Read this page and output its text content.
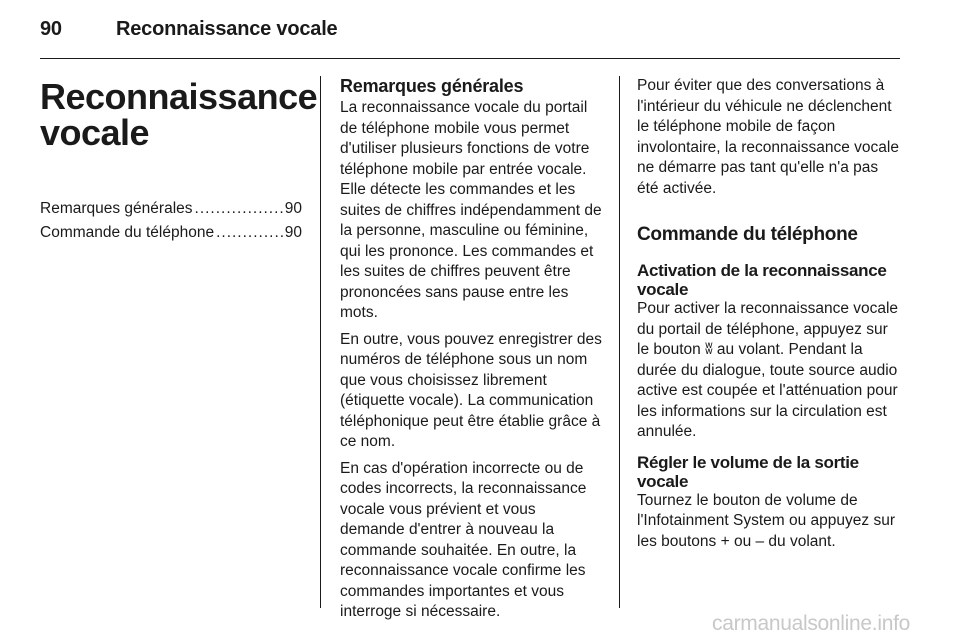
90	Reconnaissance vocale
Reconnaissance
vocale
Remarques générales .....	90
Commande du téléphone .....	90
Remarques générales

La reconnaissance vocale du portail de téléphone mobile vous permet d'utiliser plusieurs fonctions de votre téléphone mobile par entrée vocale. Elle détecte les commandes et les suites de chiffres indépendamment de la personne, masculine ou féminine, qui les prononce. Les commandes et les suites de chiffres peuvent être prononcées sans pause entre les mots.

En outre, vous pouvez enregistrer des numéros de téléphone sous un nom que vous choisissez librement (étiquette vocale). La communication téléphonique peut être établie grâce à ce nom.

En cas d'opération incorrecte ou de codes incorrects, la reconnaissance vocale vous prévient et vous demande d'entrer à nouveau la commande souhaitée. En outre, la reconnaissance vocale confirme les commandes importantes et vous interroge si nécessaire.

Pour éviter que des conversations à l'intérieur du véhicule ne déclenchent le téléphone mobile de façon involontaire, la reconnaissance vocale ne démarre pas tant qu'elle n'a pas été activée.

Commande du téléphone
Activation de la reconnaissance vocale

Pour activer la reconnaissance vocale du portail de téléphone, appuyez sur le bouton ʬ au volant. Pendant la durée du dialogue, toute source audio active est coupée et l'atténuation pour les informations sur la circulation est annulée.

Régler le volume de la sortie vocale

Tournez le bouton de volume de l'Infotainment System ou appuyez sur les boutons + ou – du volant.

carmanualsonline.info
